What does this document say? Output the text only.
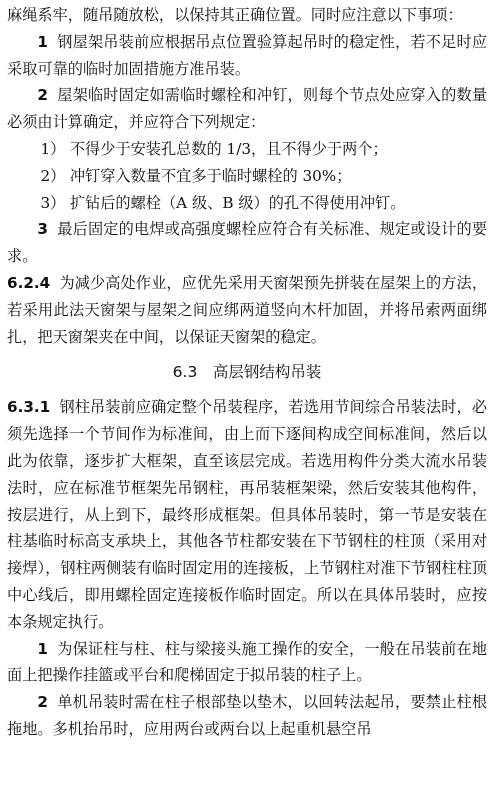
麻绳系牢，随吊随放松，以保持其正确位置。同时应注意以下事项：

1 钢屋架吊装前应根据吊点位置验算起吊时的稳定性，若不足时应采取可靠的临时加固措施方准吊装。

2 屋架临时固定如需临时螺栓和冲钉，则每个节点处应穿入的数量必须由计算确定，并应符合下列规定：

1） 不得少于安装孔总数的 1/3，且不得少于两个；

2） 冲钉穿入数量不宜多于临时螺栓的 30%；

3） 扩钻后的螺栓（A 级、B 级）的孔不得使用冲钉。

3 最后固定的电焊或高强度螺栓应符合有关标准、规定或设计的要求。

6.2.4 为减少高处作业，应优先采用天窗架预先拼装在屋架上的方法，若采用此法天窗架与屋架之间应绑两道竖向木杆加固，并将吊索两面绑扎，把天窗架夹在中间，以保证天窗架的稳定。

6.3　高层钢结构吊装

6.3.1 钢柱吊装前应确定整个吊装程序，若选用节间综合吊装法时，必须先选择一个节间作为标准间，由上而下逐间构成空间标准间，然后以此为依靠，逐步扩大框架，直至该层完成。若选用构件分类大流水吊装法时，应在标准节框架先吊钢柱，再吊装框架梁，然后安装其他构件，按层进行，从上到下，最终形成框架。但具体吊装时，第一节是安装在柱基临时标高支承块上，其他各节柱都安装在下节钢柱的柱顶（采用对接焊），钢柱两侧装有临时固定用的连接板，上节钢柱对准下节钢柱柱顶中心线后，即用螺栓固定连接板作临时固定。所以在具体吊装时，应按本条规定执行。

1 为保证柱与柱、柱与梁接头施工操作的安全，一般在吊装前在地面上把操作挂篮或平台和爬梯固定于拟吊装的柱子上。

2 单机吊装时需在柱子根部垫以垫木，以回转法起吊，要禁止柱根拖地。多机抬吊时，应用两台或两台以上起重机悬空吊
